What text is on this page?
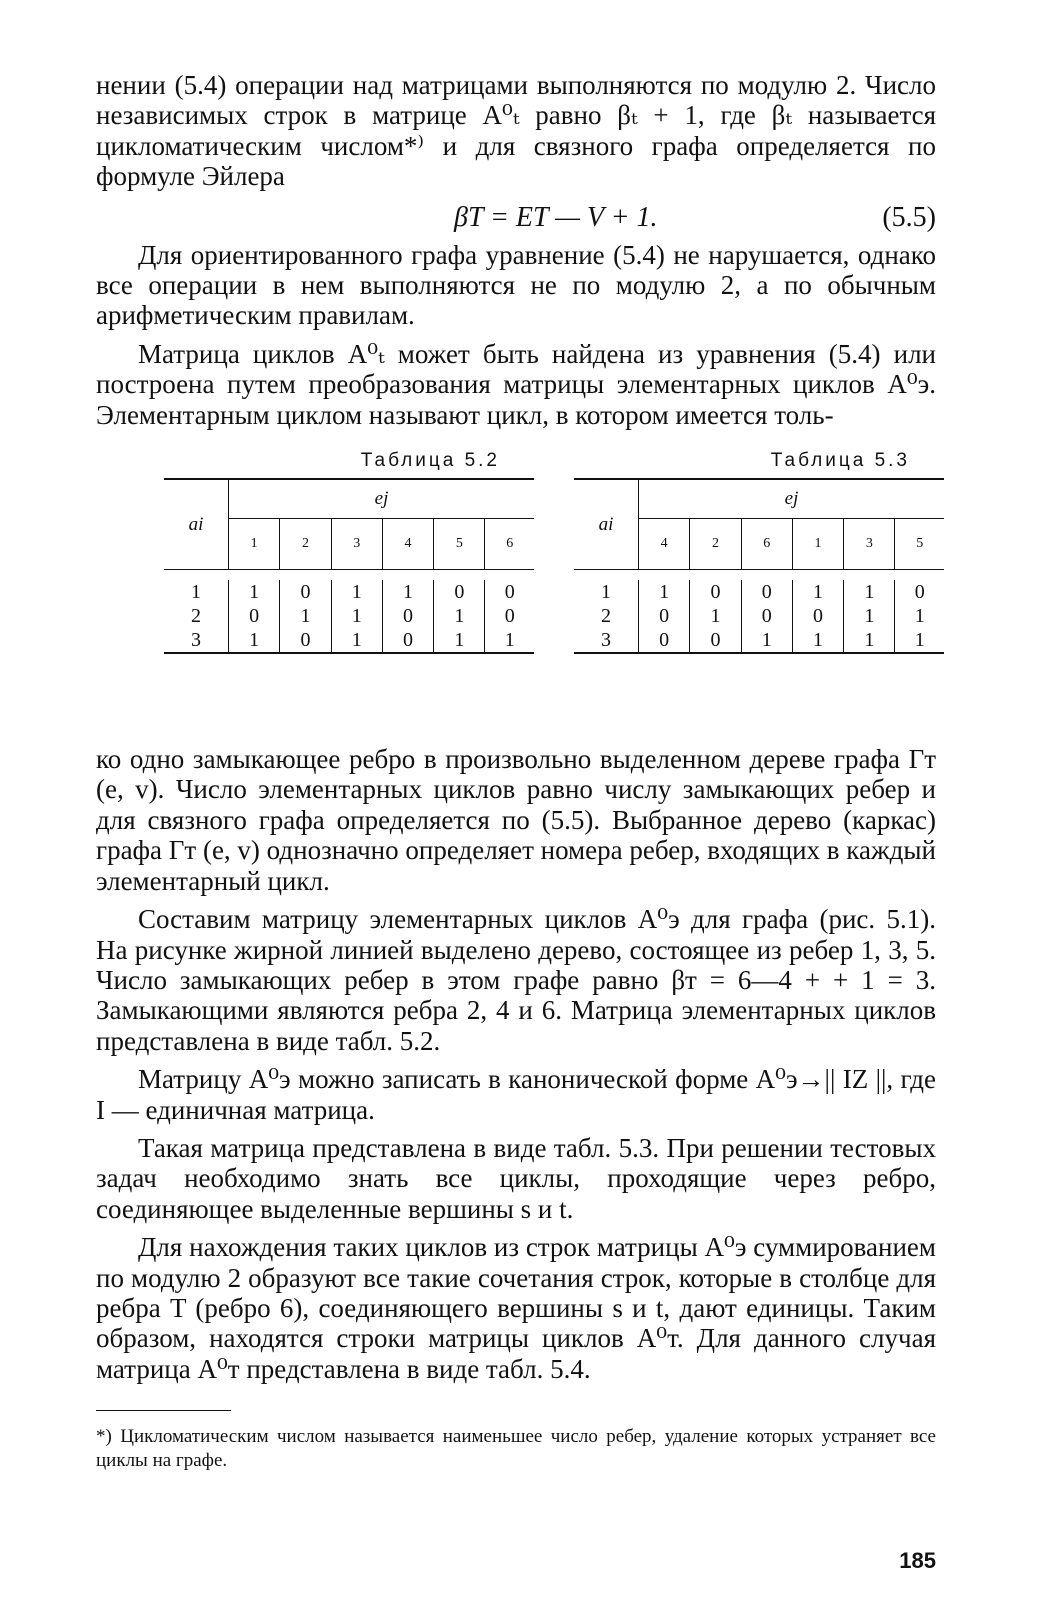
нении (5.4) операции над матрицами выполняются по модулю 2. Число независимых строк в матрице A⁰ₜ равно βₜ + 1, где βₜ называется цикломатическим числом*⁾ и для связного графа определяется по формуле Эйлера

βT = ET — V + 1.	(5.5)

Для ориентированного графа уравнение (5.4) не нарушается, однако все операции в нем выполняются не по модулю 2, а по обычным арифметическим правилам.

Матрица циклов A⁰ₜ может быть найдена из уравнения (5.4) или построена путем преобразования матрицы элементарных циклов A⁰э. Элементарным циклом называют цикл, в котором имеется толь-

Таблица 5.2
ai	ej					
	1	2	3	4	5	6

1	1	0	1	1	0	0
2	0	1	1	0	1	0
3	1	0	1	0	1	1
Таблица 5.3
ai	ej					
	4	2	6	1	3	5

1	1	0	0	1	1	0
2	0	1	0	0	1	1
3	0	0	1	1	1	1

ко одно замыкающее ребро в произвольно выделенном дереве графа Гт (e, v). Число элементарных циклов равно числу замыкающих ребер и для связного графа определяется по (5.5). Выбранное дерево (каркас) графа Гт (e, v) однозначно определяет номера ребер, входящих в каждый элементарный цикл.

Составим матрицу элементарных циклов A⁰э для графа (рис. 5.1). На рисунке жирной линией выделено дерево, состоящее из ребер 1, 3, 5. Число замыкающих ребер в этом графе равно βт = 6—4 + + 1 = 3. Замыкающими являются ребра 2, 4 и 6. Матрица элементарных циклов представлена в виде табл. 5.2.

Матрицу A⁰э можно записать в канонической форме A⁰э→|| IZ ||, где I — единичная матрица.

Такая матрица представлена в виде табл. 5.3. При решении тестовых задач необходимо знать все циклы, проходящие через ребро, соединяющее выделенные вершины s и t.

Для нахождения таких циклов из строк матрицы A⁰э суммированием по модулю 2 образуют все такие сочетания строк, которые в столбце для ребра T (ребро 6), соединяющего вершины s и t, дают единицы. Таким образом, находятся строки матрицы циклов A⁰т. Для данного случая матрица A⁰т представлена в виде табл. 5.4.

*) Цикломатическим числом называется наименьшее число ребер, удаление которых устраняет все циклы на графе.

185
